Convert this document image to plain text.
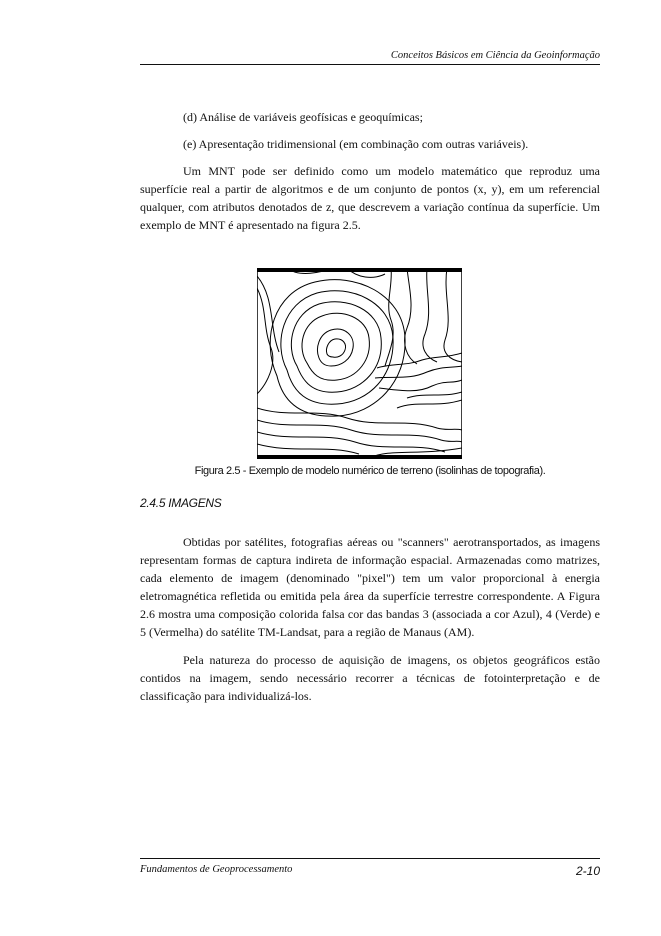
Conceitos Básicos em Ciência da Geoinformação
(d) Análise de variáveis geofísicas e geoquímicas;
(e) Apresentação tridimensional (em combinação com outras variáveis).

Um MNT pode ser definido como um modelo matemático que reproduz uma superfície real a partir de algoritmos e de um conjunto de pontos (x, y), em um referencial qualquer, com atributos denotados de z, que descrevem a variação contínua da superfície. Um exemplo de MNT é apresentado na figura 2.5.

Figura 2.5 - Exemplo de modelo numérico de terreno (isolinhas de topografia).
2.4.5 IMAGENS

Obtidas por satélites, fotografias aéreas ou "scanners" aerotransportados, as imagens representam formas de captura indireta de informação espacial. Armazenadas como matrizes, cada elemento de imagem (denominado "pixel") tem um valor proporcional à energia eletromagnética refletida ou emitida pela área da superfície terrestre correspondente. A Figura 2.6 mostra uma composição colorida falsa cor das bandas 3 (associada a cor Azul), 4 (Verde) e 5 (Vermelha) do satélite TM-Landsat, para a região de Manaus (AM).

Pela natureza do processo de aquisição de imagens, os objetos geográficos estão contidos na imagem, sendo necessário recorrer a técnicas de fotointerpretação e de classificação para individualizá-los.

Fundamentos de Geoprocessamento	2-10
